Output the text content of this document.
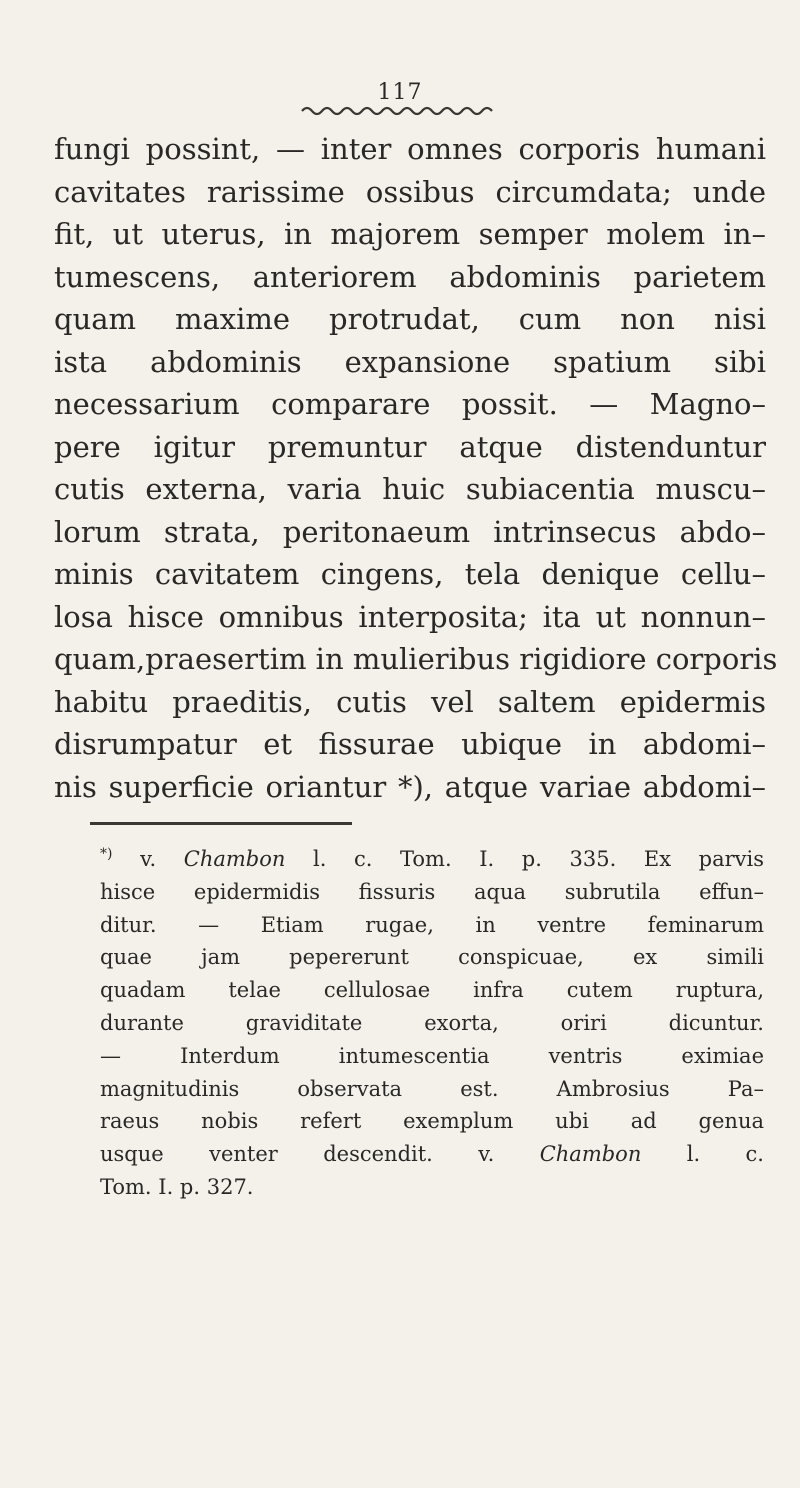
117
fungi possint, — inter omnes corporis humani
cavitates rarissime ossibus circumdata; unde
fit, ut uterus, in majorem semper molem in–
tumescens, anteriorem abdominis parietem
quam maxime protrudat, cum non nisi
ista abdominis expansione spatium sibi
necessarium comparare possit. — Magno–
pere igitur premuntur atque distenduntur
cutis externa, varia huic subiacentia muscu–
lorum strata, peritonaeum intrinsecus abdo–
minis cavitatem cingens, tela denique cellu–
losa hisce omnibus interposita; ita ut nonnun–
quam,praesertim in mulieribus rigidiore corporis
habitu praeditis, cutis vel saltem epidermis
disrumpatur et fissurae ubique in abdomi–
nis superficie oriantur *), atque variae abdomi–
*) v. Chambon l. c. Tom. I. p. 335. Ex parvis
hisce epidermidis fissuris aqua subrutila effun–
ditur. — Etiam rugae, in ventre feminarum
quae jam pepererunt conspicuae, ex simili
quadam telae cellulosae infra cutem ruptura,
durante graviditate exorta, oriri dicuntur.
— Interdum intumescentia ventris eximiae
magnitudinis observata est. Ambrosius Pa–
raeus nobis refert exemplum ubi ad genua
usque venter descendit. v. Chambon l. c.
Tom. I. p. 327.
